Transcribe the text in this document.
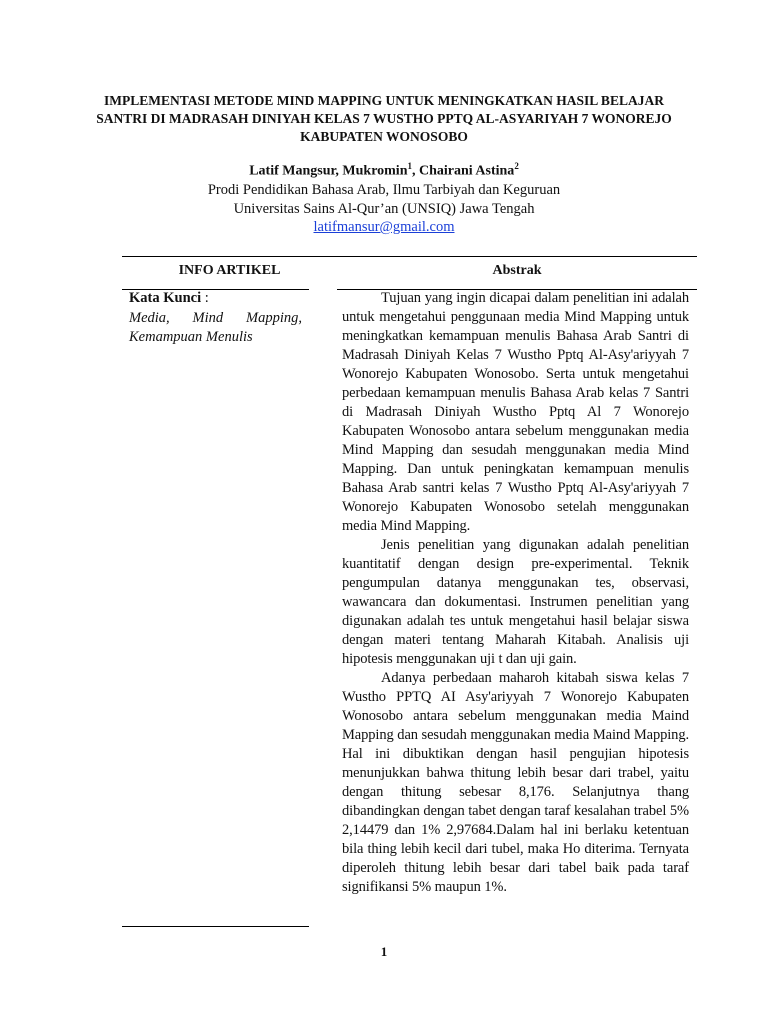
IMPLEMENTASI METODE MIND MAPPING UNTUK MENINGKATKAN HASIL BELAJAR SANTRI DI MADRASAH DINIYAH KELAS 7 WUSTHO PPTQ AL-ASYARIYAH 7 WONOREJO KABUPATEN WONOSOBO
Latif Mangsur, Mukromin$^1$, Chairani Astina$^2$
Prodi Pendidikan Bahasa Arab, Ilmu Tarbiyah dan Keguruan
Universitas Sains Al-Qur’an (UNSIQ) Jawa Tengah
latifmansur@gmail.com
INFO ARTIKEL	Abstrak
Kata Kunci :
Media, Mind Mapping, Kemampuan Menulis

Tujuan yang ingin dicapai dalam penelitian ini adalah untuk mengetahui penggunaan media Mind Mapping untuk meningkatkan kemampuan menulis Bahasa Arab Santri di Madrasah Diniyah Kelas 7 Wustho Pptq Al-Asy'ariyyah 7 Wonorejo Kabupaten Wonosobo. Serta untuk mengetahui perbedaan kemampuan menulis Bahasa Arab kelas 7 Santri di Madrasah Diniyah Wustho Pptq Al 7 Wonorejo Kabupaten Wonosobo antara sebelum menggunakan media Mind Mapping dan sesudah menggunakan media Mind Mapping. Dan untuk peningkatan kemampuan menulis Bahasa Arab santri kelas 7 Wustho Pptq Al-Asy'ariyyah 7 Wonorejo Kabupaten Wonosobo setelah menggunakan media Mind Mapping.

Jenis penelitian yang digunakan adalah penelitian kuantitatif dengan design pre-experimental. Teknik pengumpulan datanya menggunakan tes, observasi, wawancara dan dokumentasi. Instrumen penelitian yang digunakan adalah tes untuk mengetahui hasil belajar siswa dengan materi tentang Maharah Kitabah. Analisis uji hipotesis menggunakan uji t dan uji gain.

Adanya perbedaan maharoh kitabah siswa kelas 7 Wustho PPTQ AI Asy'ariyyah 7 Wonorejo Kabupaten Wonosobo antara sebelum menggunakan media Maind Mapping dan sesudah menggunakan media Maind Mapping. Hal ini dibuktikan dengan hasil pengujian hipotesis menunjukkan bahwa thitung lebih besar dari trabel, yaitu dengan thitung sebesar 8,176. Selanjutnya thang dibandingkan dengan tabet dengan taraf kesalahan trabel 5% 2,14479 dan 1% 2,97684.Dalam hal ini berlaku ketentuan bila thing lebih kecil dari tubel, maka Ho diterima. Ternyata diperoleh thitung lebih besar dari tabel baik pada taraf signifikansi 5% maupun 1%.

1
